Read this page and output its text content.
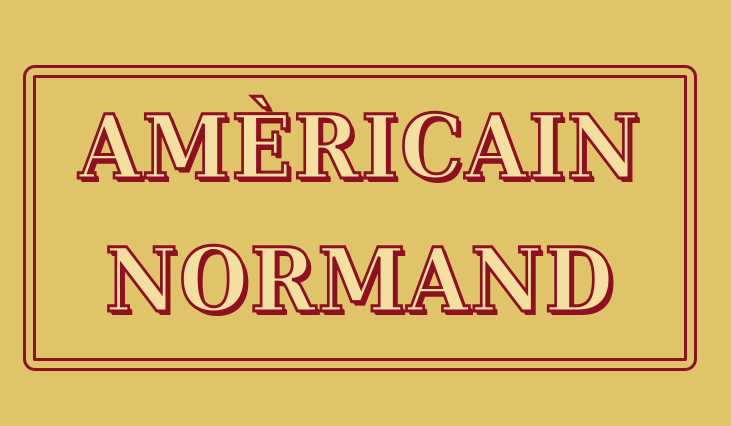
AMÈRICAIN
NORMAND
